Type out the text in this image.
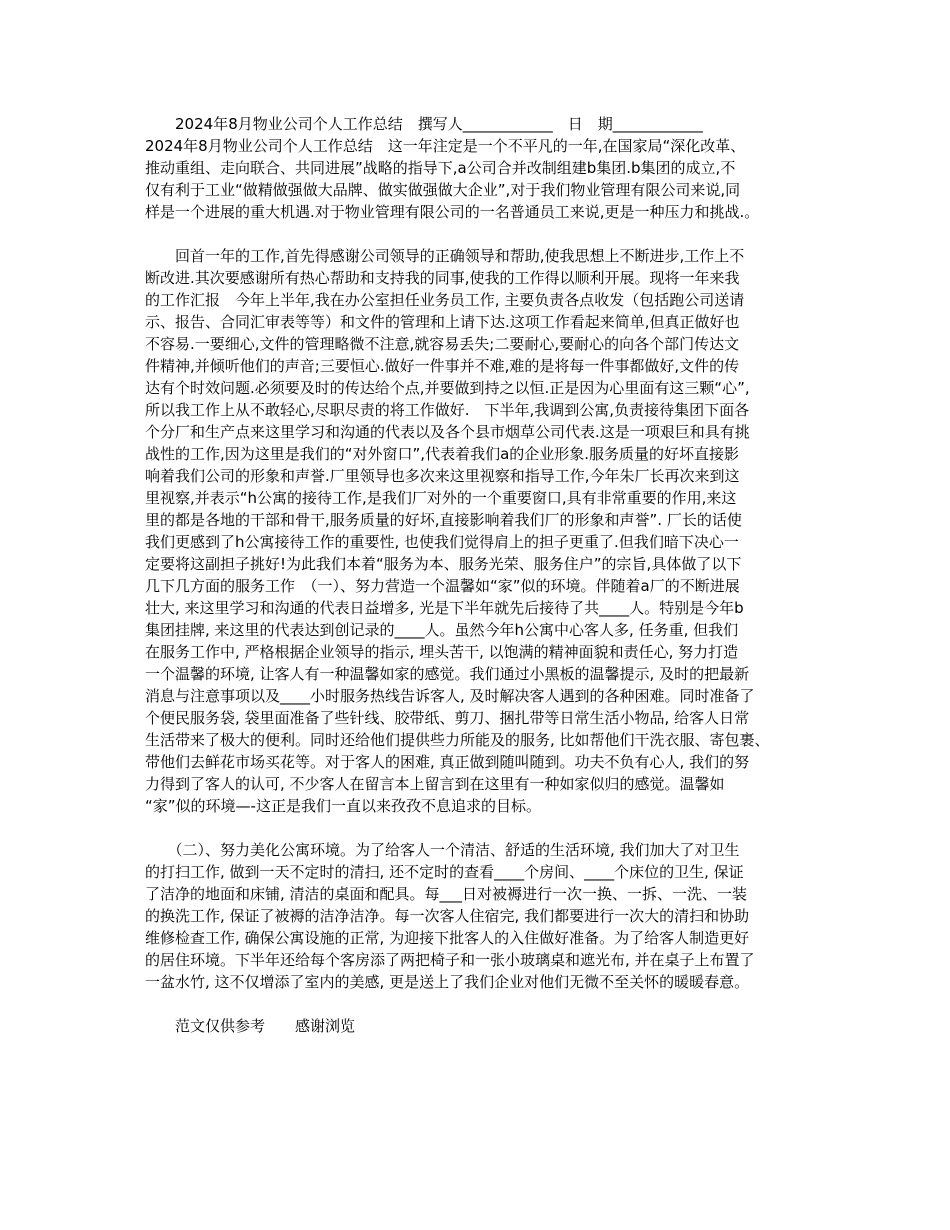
　　2024年8月物业公司个人工作总结　 撰写人____________　 日　期____________
2024年8月物业公司个人工作总结　这一年注定是一个不平凡的一年,在国家局“深化改革、
推动重组、走向联合、共同进展”战略的指导下,a公司合并改制组建b集团.b集团的成立,不
仅有利于工业“做精做强做大品牌、做实做强做大企业”,对于我们物业管理有限公司来说,同
样是一个进展的重大机遇.对于物业管理有限公司的一名普通员工来说,更是一种压力和挑战.。
　　回首一年的工作,首先得感谢公司领导的正确领导和帮助,使我思想上不断进步,工作上不
断改进.其次要感谢所有热心帮助和支持我的同事,使我的工作得以顺利开展。现将一年来我
的工作汇报　今年上半年,我在办公室担任业务员工作, 主要负责各点收发（包括跑公司送请
示、报告、合同汇审表等等）和文件的管理和上请下达.这项工作看起来简单,但真正做好也
不容易.一要细心,文件的管理略微不注意,就容易丢失;二要耐心,要耐心的向各个部门传达文
件精神,并倾听他们的声音;三要恒心.做好一件事并不难,难的是将每一件事都做好,文件的传
达有个时效问题.必须要及时的传达给个点,并要做到持之以恒.正是因为心里面有这三颗“心”,
所以我工作上从不敢轻心,尽职尽责的将工作做好.　下半年,我调到公寓,负责接待集团下面各
个分厂和生产点来这里学习和沟通的代表以及各个县市烟草公司代表.这是一项艰巨和具有挑
战性的工作,因为这里是我们的“对外窗口”,代表着我们a的企业形象.服务质量的好坏直接影
响着我们公司的形象和声誉.厂里领导也多次来这里视察和指导工作,今年朱厂长再次来到这
里视察,并表示“h公寓的接待工作,是我们厂对外的一个重要窗口,具有非常重要的作用,来这
里的都是各地的干部和骨干,服务质量的好坏,直接影响着我们厂的形象和声誉”. 厂长的话使
我们更感到了h公寓接待工作的重要性, 也使我们觉得肩上的担子更重了.但我们暗下决心一
定要将这副担子挑好!为此我们本着“服务为本、服务光荣、服务住户”的宗旨,具体做了以下
几下几方面的服务工作　（一）、努力营造一个温馨如“家”似的环境。伴随着a厂的不断进展
壮大, 来这里学习和沟通的代表日益增多, 光是下半年就先后接待了共____人。特别是今年b
集团挂牌, 来这里的代表达到创记录的____人。虽然今年h公寓中心客人多, 任务重, 但我们
在服务工作中, 严格根据企业领导的指示, 埋头苦干, 以饱满的精神面貌和责任心, 努力打造
一个温馨的环境, 让客人有一种温馨如家的感觉。我们通过小黑板的温馨提示, 及时的把最新
消息与注意事项以及____小时服务热线告诉客人, 及时解决客人遇到的各种困难。同时准备了
个便民服务袋, 袋里面准备了些针线、胶带纸、剪刀、捆扎带等日常生活小物品, 给客人日常
生活带来了极大的便利。同时还给他们提供些力所能及的服务, 比如帮他们干洗衣服、寄包裹、
带他们去鲜花市场买花等。对于客人的困难, 真正做到随叫随到。功夫不负有心人, 我们的努
力得到了客人的认可, 不少客人在留言本上留言到在这里有一种如家似归的感觉。温馨如
“家”似的环境—-这正是我们一直以来孜孜不息追求的目标。
　　（二）、努力美化公寓环境。为了给客人一个清洁、舒适的生活环境, 我们加大了对卫生
的打扫工作, 做到一天不定时的清扫, 还不定时的查看____个房间、____个床位的卫生, 保证
了洁净的地面和床铺, 清洁的桌面和配具。每___日对被褥进行一次一换、一拆、一洗、一装
的换洗工作, 保证了被褥的洁净洁净。每一次客人住宿完, 我们都要进行一次大的清扫和协助
维修检查工作, 确保公寓设施的正常, 为迎接下批客人的入住做好准备。为了给客人制造更好
的居住环境。下半年还给每个客房添了两把椅子和一张小玻璃桌和遮光布, 并在桌子上布置了
一盆水竹, 这不仅增添了室内的美感, 更是送上了我们企业对他们无微不至关怀的暖暖春意。
　　范文仅供参考　　感谢浏览
